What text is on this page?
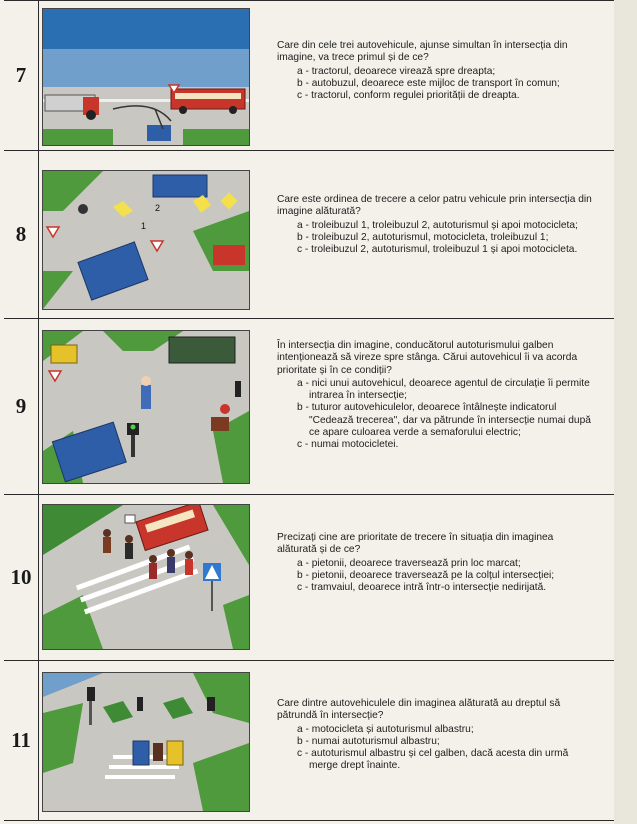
7

Care din cele trei autovehicule, ajunse simultan în intersecția din imagine, va trece primul și de ce?

a - tractorul, deoarece virează spre dreapta;

b - autobuzul, deoarece este mijloc de transport în comun;

c - tractorul, conform regulei priorității de dreapta.

8	1
2

Care este ordinea de trecere a celor patru vehicule prin intersecția din imagine alăturată?

a - troleibuzul 1, troleibuzul 2, autoturismul și apoi motocicleta;

b - troleibuzul 2, autoturismul, motocicleta, troleibuzul 1;

c - troleibuzul 2, autoturismul, troleibuzul 1 și apoi motocicleta.

9

În intersecția din imagine, conducătorul autoturismului galben intenționează să vireze spre stânga. Cărui autovehicul îi va acorda prioritate și în ce condiții?

a - nici unui autovehicul, deoarece agentul de circulație îi permite intrarea în intersecție;

b - tuturor autovehiculelor, deoarece întâlnește indicatorul "Cedează trecerea", dar va pătrunde în intersecție numai după ce apare culoarea verde a semaforului electric;

c - numai motocicletei.

10

Precizați cine are prioritate de trecere în situația din imaginea alăturată și de ce?

a - pietonii, deoarece traversează prin loc marcat;

b - pietonii, deoarece traversează pe la colțul intersecției;

c - tramvaiul, deoarece intră într-o intersecție nedirijată.

11

Care dintre autovehiculele din imaginea alăturată au dreptul să pătrundă în intersecție?

a - motocicleta și autoturismul albastru;

b - numai autoturismul albastru;

c - autoturismul albastru și cel galben, dacă acesta din urmă merge drept înainte.
